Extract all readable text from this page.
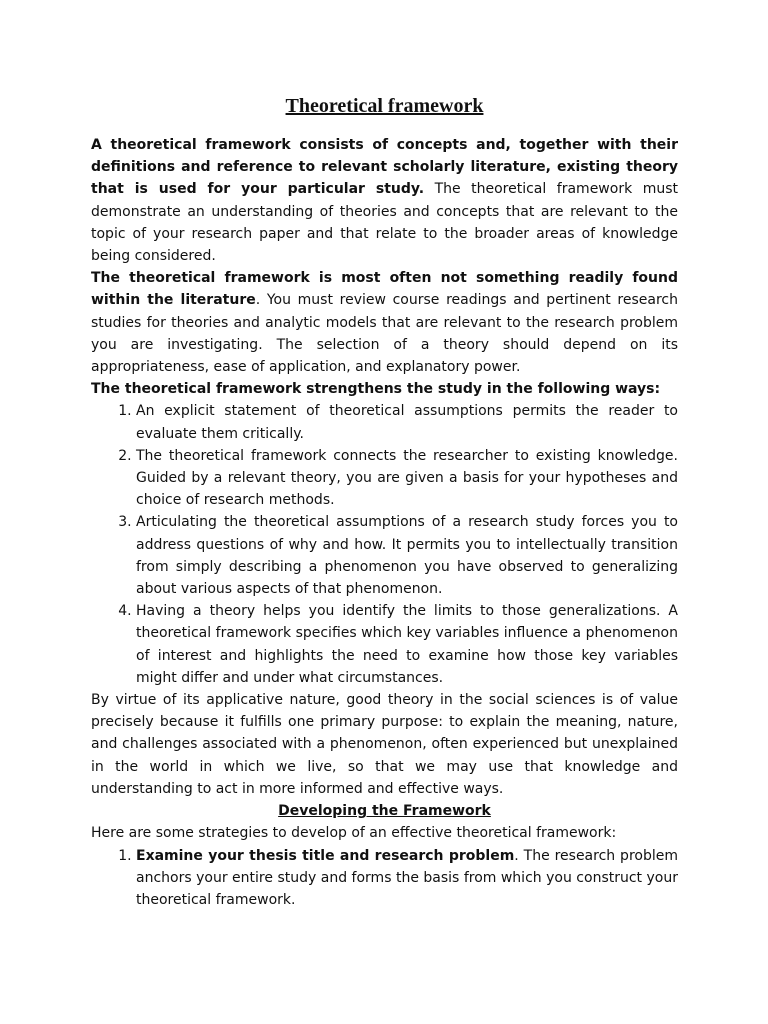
Theoretical framework

A theoretical framework consists of concepts and, together with their definitions and reference to relevant scholarly literature, existing theory that is used for your particular study. The theoretical framework must demonstrate an understanding of theories and concepts that are relevant to the topic of your research paper and that relate to the broader areas of knowledge being considered.

The theoretical framework is most often not something readily found within the literature. You must review course readings and pertinent research studies for theories and analytic models that are relevant to the research problem you are investigating. The selection of a theory should depend on its appropriateness, ease of application, and explanatory power.

The theoretical framework strengthens the study in the following ways:

1. An explicit statement of theoretical assumptions permits the reader to evaluate them critically.
2. The theoretical framework connects the researcher to existing knowledge. Guided by a relevant theory, you are given a basis for your hypotheses and choice of research methods.
3. Articulating the theoretical assumptions of a research study forces you to address questions of why and how. It permits you to intellectually transition from simply describing a phenomenon you have observed to generalizing about various aspects of that phenomenon.
4. Having a theory helps you identify the limits to those generalizations. A theoretical framework specifies which key variables influence a phenomenon of interest and highlights the need to examine how those key variables might differ and under what circumstances.

By virtue of its applicative nature, good theory in the social sciences is of value precisely because it fulfills one primary purpose: to explain the meaning, nature, and challenges associated with a phenomenon, often experienced but unexplained in the world in which we live, so that we may use that knowledge and understanding to act in more informed and effective ways.

Developing the Framework

Here are some strategies to develop of an effective theoretical framework:

1. Examine your thesis title and research problem. The research problem anchors your entire study and forms the basis from which you construct your theoretical framework.
